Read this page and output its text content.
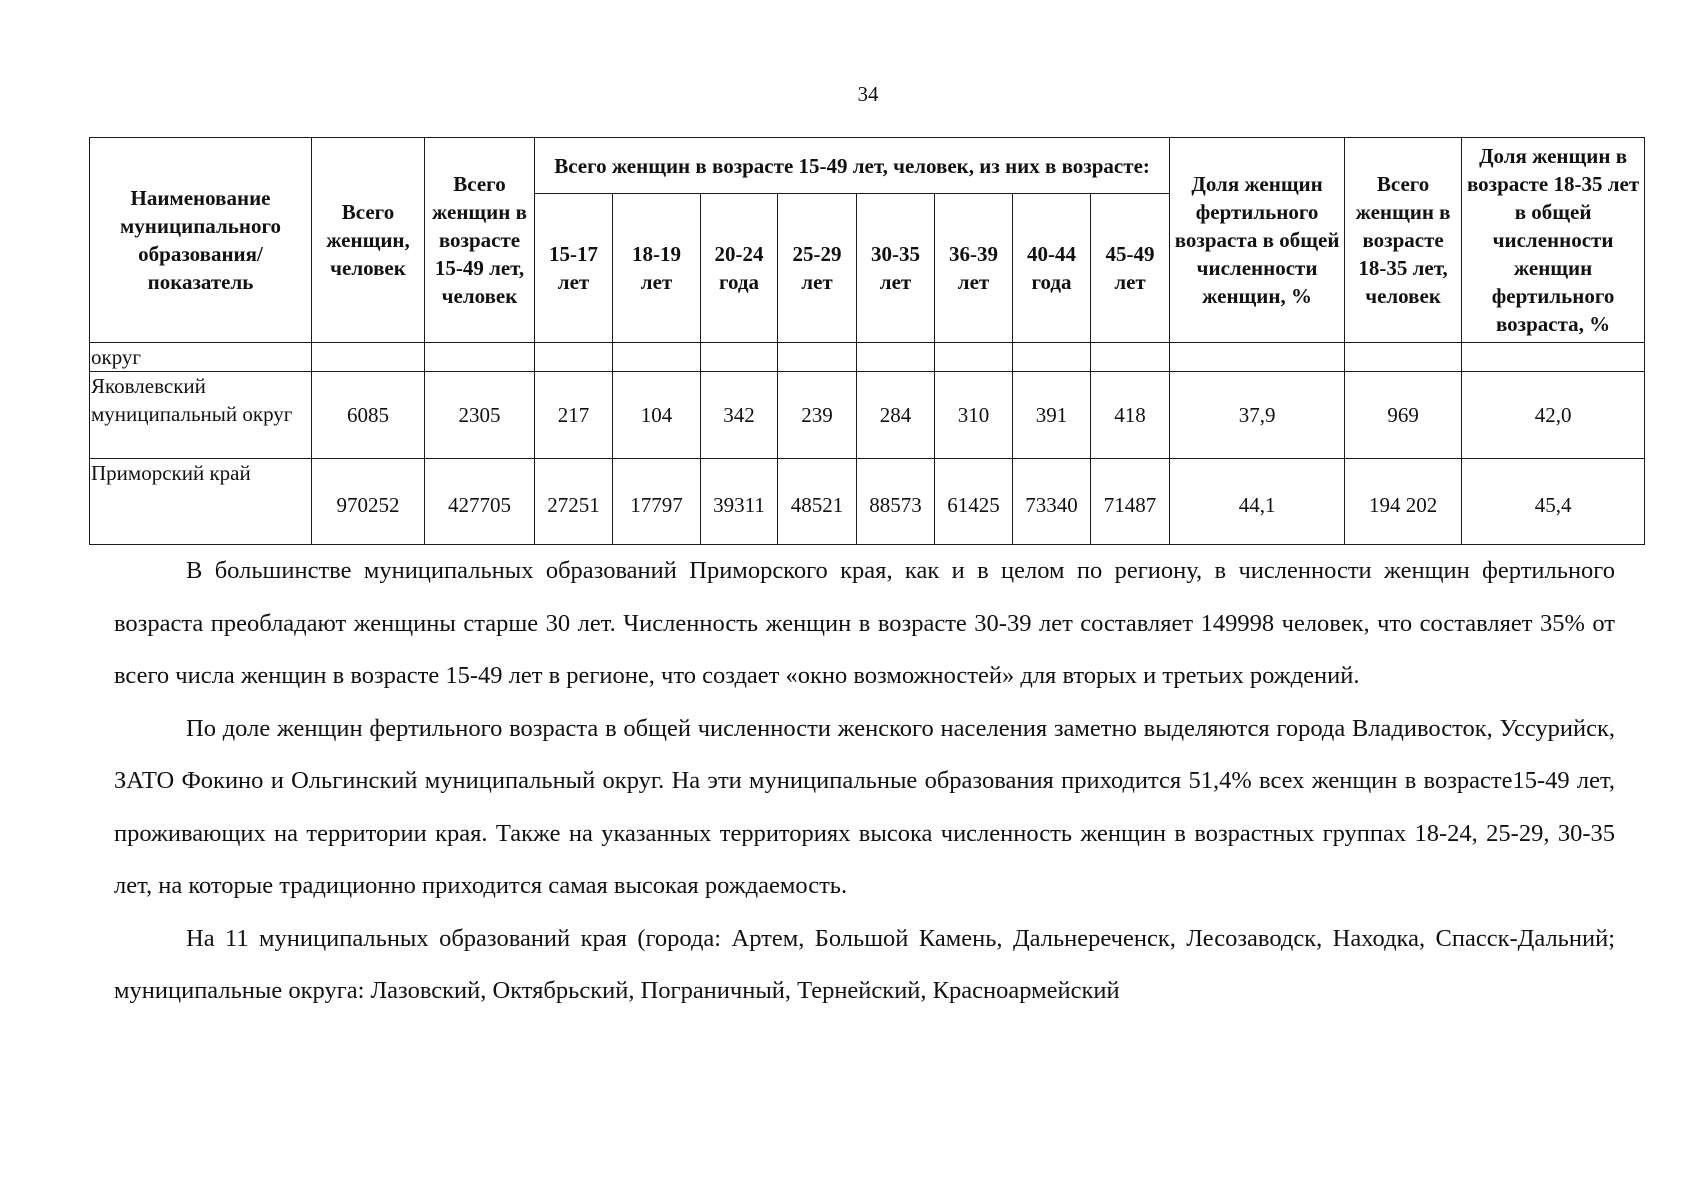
34
Наименование муниципального образования/ показатель	Всего женщин, человек	Всего женщин в возрасте 15-49 лет, человек	Всего женщин в возрасте 15-49 лет, человек, из них в возрасте:								Доля женщин фертильного возраста в общей численности женщин, %	Всего женщин в возрасте 18-35 лет, человек	Доля женщин в возрасте 18-35 лет в общей численности женщин фертильного возраста, %
			15-17 лет	18-19 лет	20-24 года	25-29 лет	30-35 лет	36-39 лет	40-44 года	45-49 лет			
округ													
Яковлевский муниципальный округ	6085	2305	217	104	342	239	284	310	391	418	37,9	969	42,0
Приморский край	970252	427705	27251	17797	39311	48521	88573	61425	73340	71487	44,1	194 202	45,4

В большинстве муниципальных образований Приморского края, как и в целом по региону, в численности женщин фертильного возраста преобладают женщины старше 30 лет. Численность женщин в возрасте 30-39 лет составляет 149998 человек, что составляет 35% от всего числа женщин в возрасте 15-49 лет в регионе, что создает «окно возможностей» для вторых и третьих рождений.

По доле женщин фертильного возраста в общей численности женского населения заметно выделяются города Владивосток, Уссурийск, ЗАТО Фокино и Ольгинский муниципальный округ. На эти муниципальные образования приходится 51,4% всех женщин в возрасте15-49 лет, проживающих на территории края. Также на указанных территориях высока численность женщин в возрастных группах 18-24, 25-29, 30-35 лет, на которые традиционно приходится самая высокая рождаемость.

На 11 муниципальных образований края (города: Артем, Большой Камень, Дальнереченск, Лесозаводск, Находка, Спасск-Дальний; муниципальные округа: Лазовский, Октябрьский, Пограничный, Тернейский, Красноармейский
